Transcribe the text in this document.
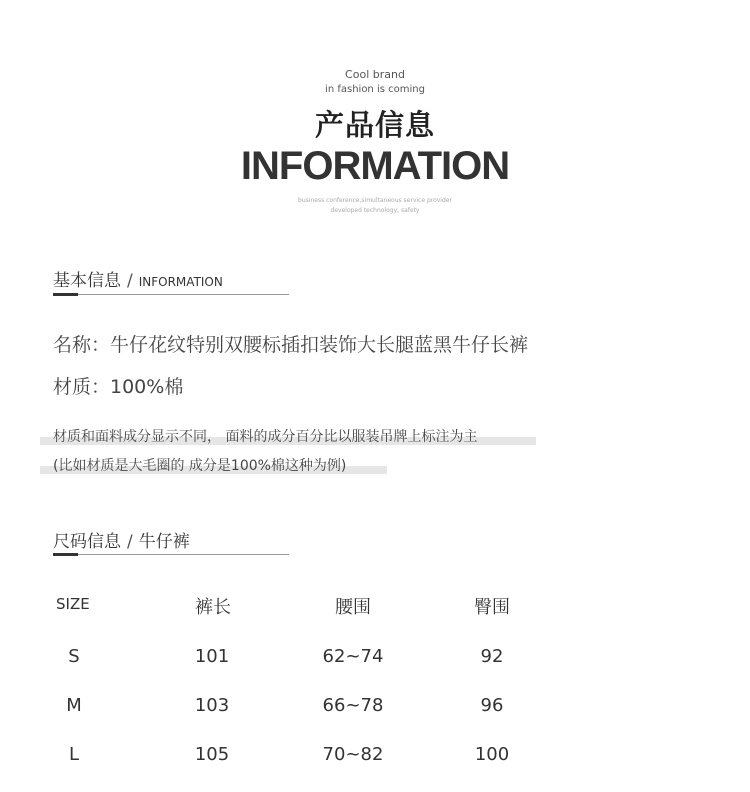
Cool brand
in fashion is coming
产品信息
INFORMATION
business conference,simultaneous service provider
developed technology, safety
基本信息 / INFORMATION
名称：牛仔花纹特别双腰标插扣装饰大长腿蓝黑牛仔长裤
材质：100%棉
材质和面料成分显示不同， 面料的成分百分比以服装吊牌上标注为主
(比如材质是大毛圈的 成分是100%棉这种为例)
尺码信息 / 牛仔裤
SIZE	裤长	腰围	臀围
S	101	62~74	92
M	103	66~78	96
L	105	70~82	100
